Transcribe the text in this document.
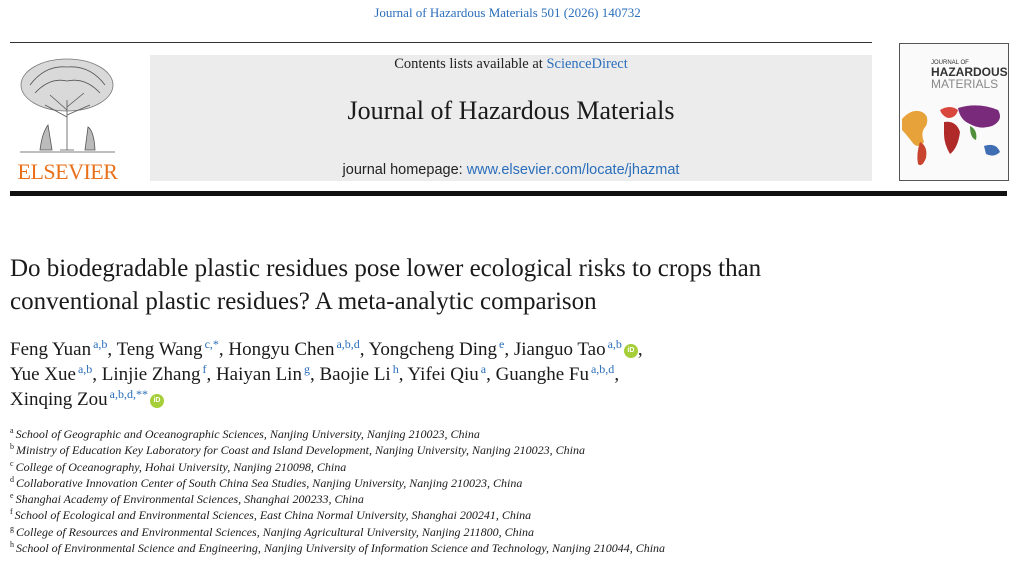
Journal of Hazardous Materials 501 (2026) 140732
ELSEVIER
Contents lists available at ScienceDirect
Journal of Hazardous Materials
journal homepage: www.elsevier.com/locate/jhazmat
JOURNAL OF
HAZARDOUS
MATERIALS
Do biodegradable plastic residues pose lower ecological risks to crops than
conventional plastic residues? A meta-analytic comparison
Feng Yuan $^{a,b}$, Teng Wang $^{c,*}$, Hongyu Chen $^{a,b,d}$, Yongcheng Ding $^e$, Jianguo Tao $^{a,b}$ iD ,
Yue Xue $^{a,b}$, Linjie Zhang $^f$, Haiyan Lin $^g$, Baojie Li $^h$, Yifei Qiu $^a$, Guanghe Fu $^{a,b,d}$,
Xinqing Zou $^{a,b,d,**}$ iD
$^a$ School of Geographic and Oceanographic Sciences, Nanjing University, Nanjing 210023, China
$^b$ Ministry of Education Key Laboratory for Coast and Island Development, Nanjing University, Nanjing 210023, China
$^c$ College of Oceanography, Hohai University, Nanjing 210098, China
$^d$ Collaborative Innovation Center of South China Sea Studies, Nanjing University, Nanjing 210023, China
$^e$ Shanghai Academy of Environmental Sciences, Shanghai 200233, China
$^f$ School of Ecological and Environmental Sciences, East China Normal University, Shanghai 200241, China
$^g$ College of Resources and Environmental Sciences, Nanjing Agricultural University, Nanjing 211800, China
$^h$ School of Environmental Science and Engineering, Nanjing University of Information Science and Technology, Nanjing 210044, China
